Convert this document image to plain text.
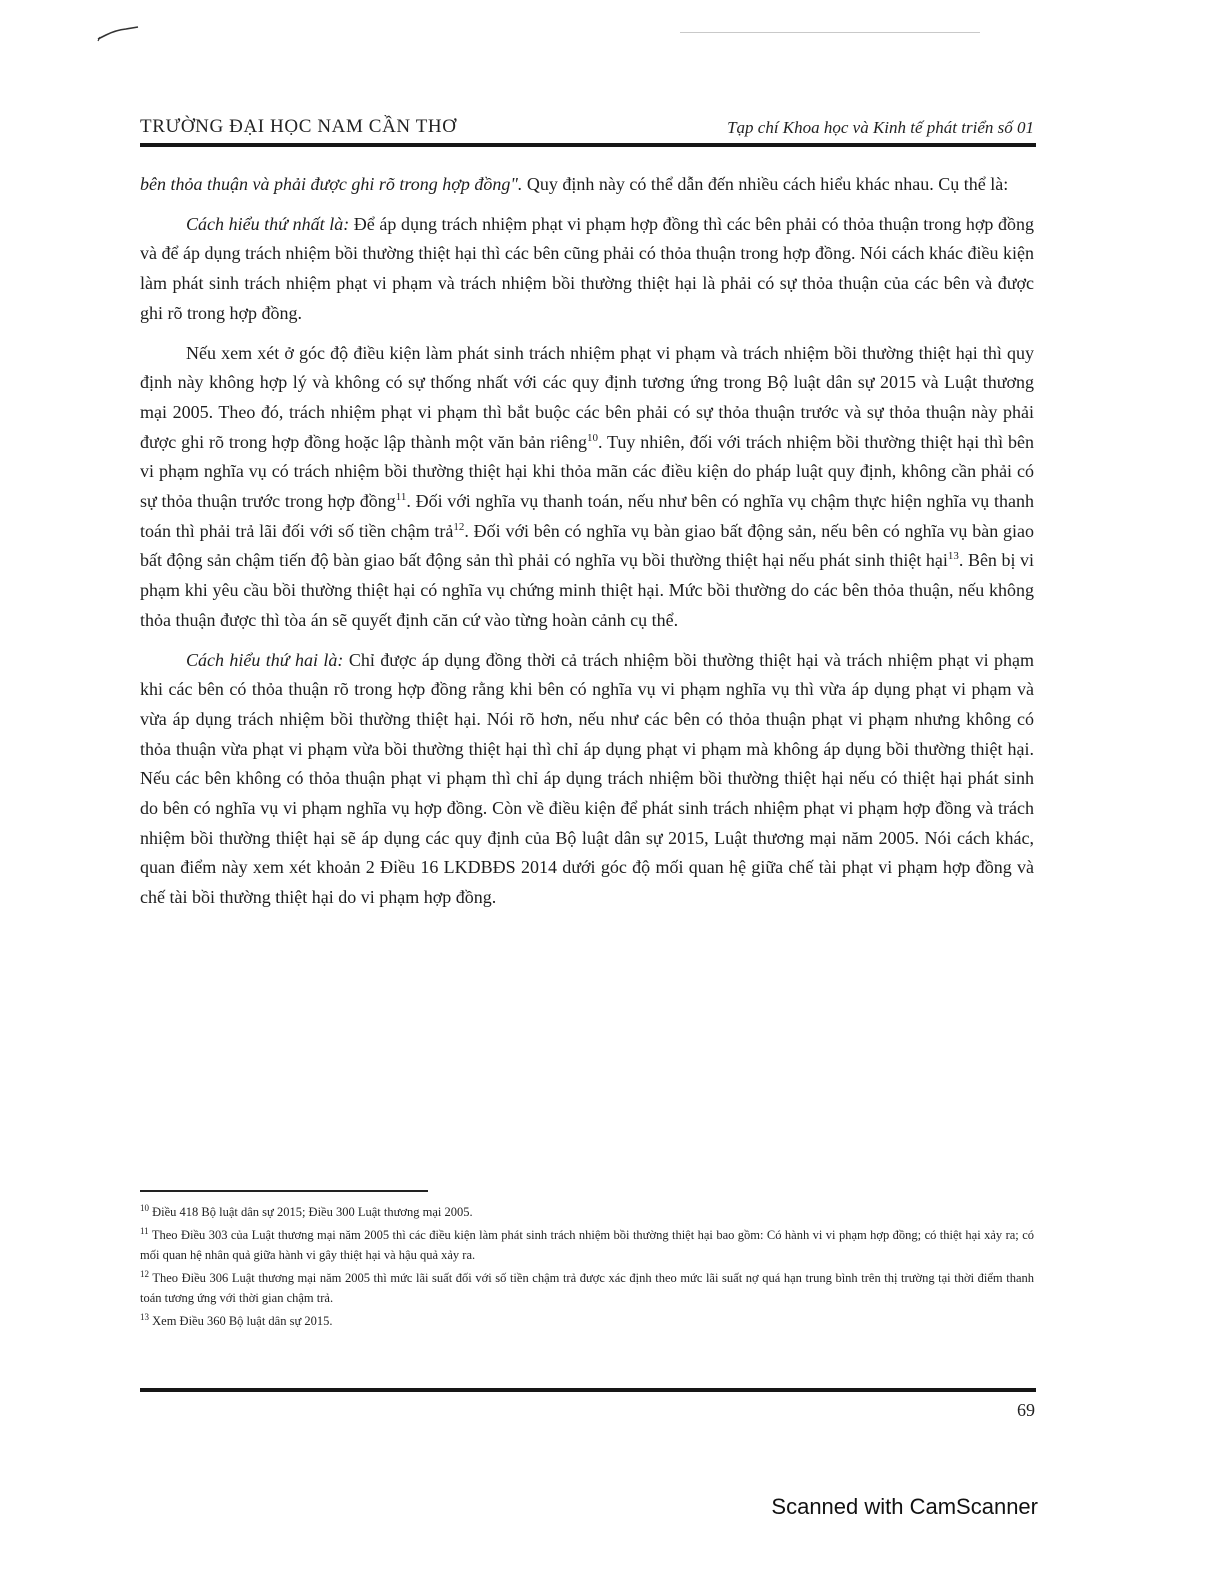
TRƯỜNG ĐẠI HỌC NAM CẦN THƠ	Tạp chí Khoa học và Kinh tế phát triển số 01

bên thỏa thuận và phải được ghi rõ trong hợp đồng". Quy định này có thể dẫn đến nhiều cách hiểu khác nhau. Cụ thể là:

Cách hiểu thứ nhất là: Để áp dụng trách nhiệm phạt vi phạm hợp đồng thì các bên phải có thỏa thuận trong hợp đồng và để áp dụng trách nhiệm bồi thường thiệt hại thì các bên cũng phải có thỏa thuận trong hợp đồng. Nói cách khác điều kiện làm phát sinh trách nhiệm phạt vi phạm và trách nhiệm bồi thường thiệt hại là phải có sự thỏa thuận của các bên và được ghi rõ trong hợp đồng.

Nếu xem xét ở góc độ điều kiện làm phát sinh trách nhiệm phạt vi phạm và trách nhiệm bồi thường thiệt hại thì quy định này không hợp lý và không có sự thống nhất với các quy định tương ứng trong Bộ luật dân sự 2015 và Luật thương mại 2005. Theo đó, trách nhiệm phạt vi phạm thì bắt buộc các bên phải có sự thỏa thuận trước và sự thỏa thuận này phải được ghi rõ trong hợp đồng hoặc lập thành một văn bản riêng$^{10}$. Tuy nhiên, đối với trách nhiệm bồi thường thiệt hại thì bên vi phạm nghĩa vụ có trách nhiệm bồi thường thiệt hại khi thỏa mãn các điều kiện do pháp luật quy định, không cần phải có sự thỏa thuận trước trong hợp đồng$^{11}$. Đối với nghĩa vụ thanh toán, nếu như bên có nghĩa vụ chậm thực hiện nghĩa vụ thanh toán thì phải trả lãi đối với số tiền chậm trả$^{12}$. Đối với bên có nghĩa vụ bàn giao bất động sản, nếu bên có nghĩa vụ bàn giao bất động sản chậm tiến độ bàn giao bất động sản thì phải có nghĩa vụ bồi thường thiệt hại nếu phát sinh thiệt hại$^{13}$. Bên bị vi phạm khi yêu cầu bồi thường thiệt hại có nghĩa vụ chứng minh thiệt hại. Mức bồi thường do các bên thỏa thuận, nếu không thỏa thuận được thì tòa án sẽ quyết định căn cứ vào từng hoàn cảnh cụ thể.

Cách hiểu thứ hai là: Chỉ được áp dụng đồng thời cả trách nhiệm bồi thường thiệt hại và trách nhiệm phạt vi phạm khi các bên có thỏa thuận rõ trong hợp đồng rằng khi bên có nghĩa vụ vi phạm nghĩa vụ thì vừa áp dụng phạt vi phạm và vừa áp dụng trách nhiệm bồi thường thiệt hại. Nói rõ hơn, nếu như các bên có thỏa thuận phạt vi phạm nhưng không có thỏa thuận vừa phạt vi phạm vừa bồi thường thiệt hại thì chỉ áp dụng phạt vi phạm mà không áp dụng bồi thường thiệt hại. Nếu các bên không có thỏa thuận phạt vi phạm thì chỉ áp dụng trách nhiệm bồi thường thiệt hại nếu có thiệt hại phát sinh do bên có nghĩa vụ vi phạm nghĩa vụ hợp đồng. Còn về điều kiện để phát sinh trách nhiệm phạt vi phạm hợp đồng và trách nhiệm bồi thường thiệt hại sẽ áp dụng các quy định của Bộ luật dân sự 2015, Luật thương mại năm 2005. Nói cách khác, quan điểm này xem xét khoản 2 Điều 16 LKDBĐS 2014 dưới góc độ mối quan hệ giữa chế tài phạt vi phạm hợp đồng và chế tài bồi thường thiệt hại do vi phạm hợp đồng.

$^{10}$ Điều 418 Bộ luật dân sự 2015; Điều 300 Luật thương mại 2005.

$^{11}$ Theo Điều 303 của Luật thương mại năm 2005 thì các điều kiện làm phát sinh trách nhiệm bồi thường thiệt hại bao gồm: Có hành vi vi phạm hợp đồng; có thiệt hại xảy ra; có mối quan hệ nhân quả giữa hành vi gây thiệt hại và hậu quả xảy ra.

$^{12}$ Theo Điều 306 Luật thương mại năm 2005 thì mức lãi suất đối với số tiền chậm trả được xác định theo mức lãi suất nợ quá hạn trung bình trên thị trường tại thời điểm thanh toán tương ứng với thời gian chậm trả.

$^{13}$ Xem Điều 360 Bộ luật dân sự 2015.

69
Scanned with CamScanner
